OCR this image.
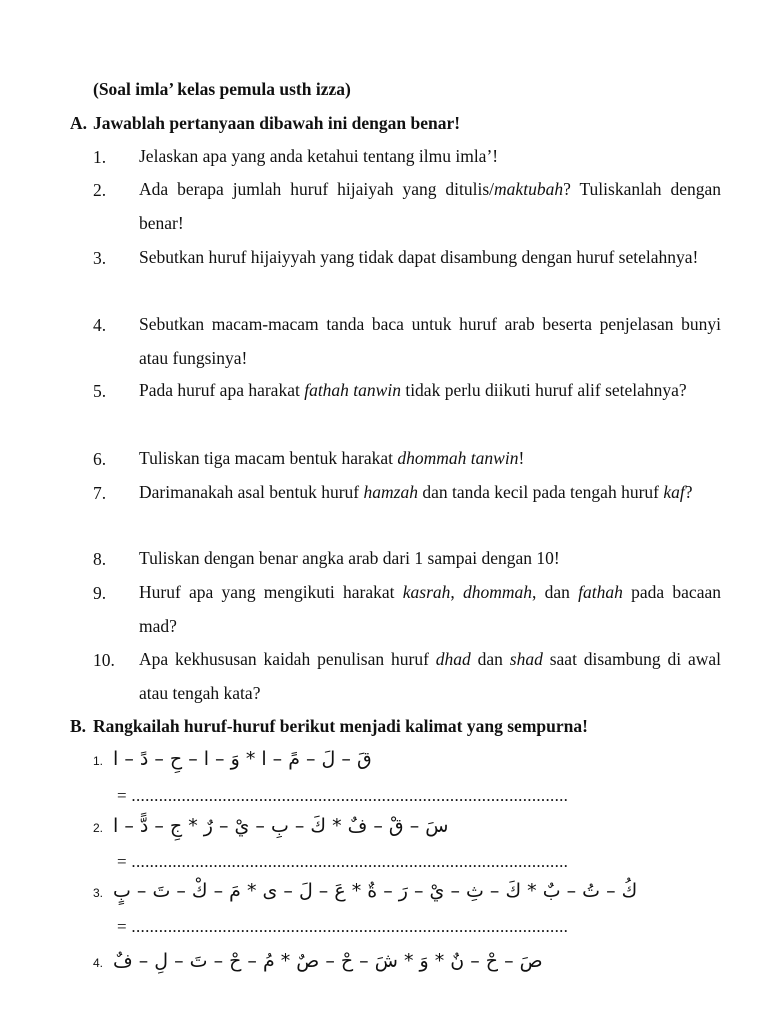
(Soal imla’ kelas pemula usth izza)
A. Jawablah pertanyaan dibawah ini dengan benar!
1. Jelaskan apa yang anda ketahui tentang ilmu imla’!
2. Ada berapa jumlah huruf hijaiyah yang ditulis/maktubah? Tuliskanlah dengan benar!
3. Sebutkan huruf hijaiyyah yang tidak dapat disambung dengan huruf setelahnya!
4. Sebutkan macam-macam tanda baca untuk huruf arab beserta penjelasan bunyi atau fungsinya!
5. Pada huruf apa harakat fathah tanwin tidak perlu diikuti huruf alif setelahnya?
6. Tuliskan tiga macam bentuk harakat dhommah tanwin!
7. Darimanakah asal bentuk huruf hamzah dan tanda kecil pada tengah huruf kaf?
8. Tuliskan dengan benar angka arab dari 1 sampai dengan 10!
9. Huruf apa yang mengikuti harakat kasrah, dhommah, dan fathah pada bacaan mad?
10. Apa kekhususan kaidah penulisan huruf dhad dan shad saat disambung di awal atau tengah kata?
B. Rangkailah huruf-huruf berikut menjadi kalimat yang sempurna!
1. قَ – لَ – مً – ا * وَ – ا – حِ – دً – ا
= ................................................................................................
2. سَ – قْ – فٌ * كَ – بِ – يْ – رٌ * جِ – دًّ – ا
= ................................................................................................
3. كُ – تُ – بٌ * كَ – ثِ – يْ – رَ – ةٌ * عَ – لَ – ى * مَ – كْ – تَ – بٍ
= ................................................................................................
4. صَ – حْ – نٌ * وَ * شَ – حْ – صٌ * مُ – حْ – تَ – لِ – فٌ
